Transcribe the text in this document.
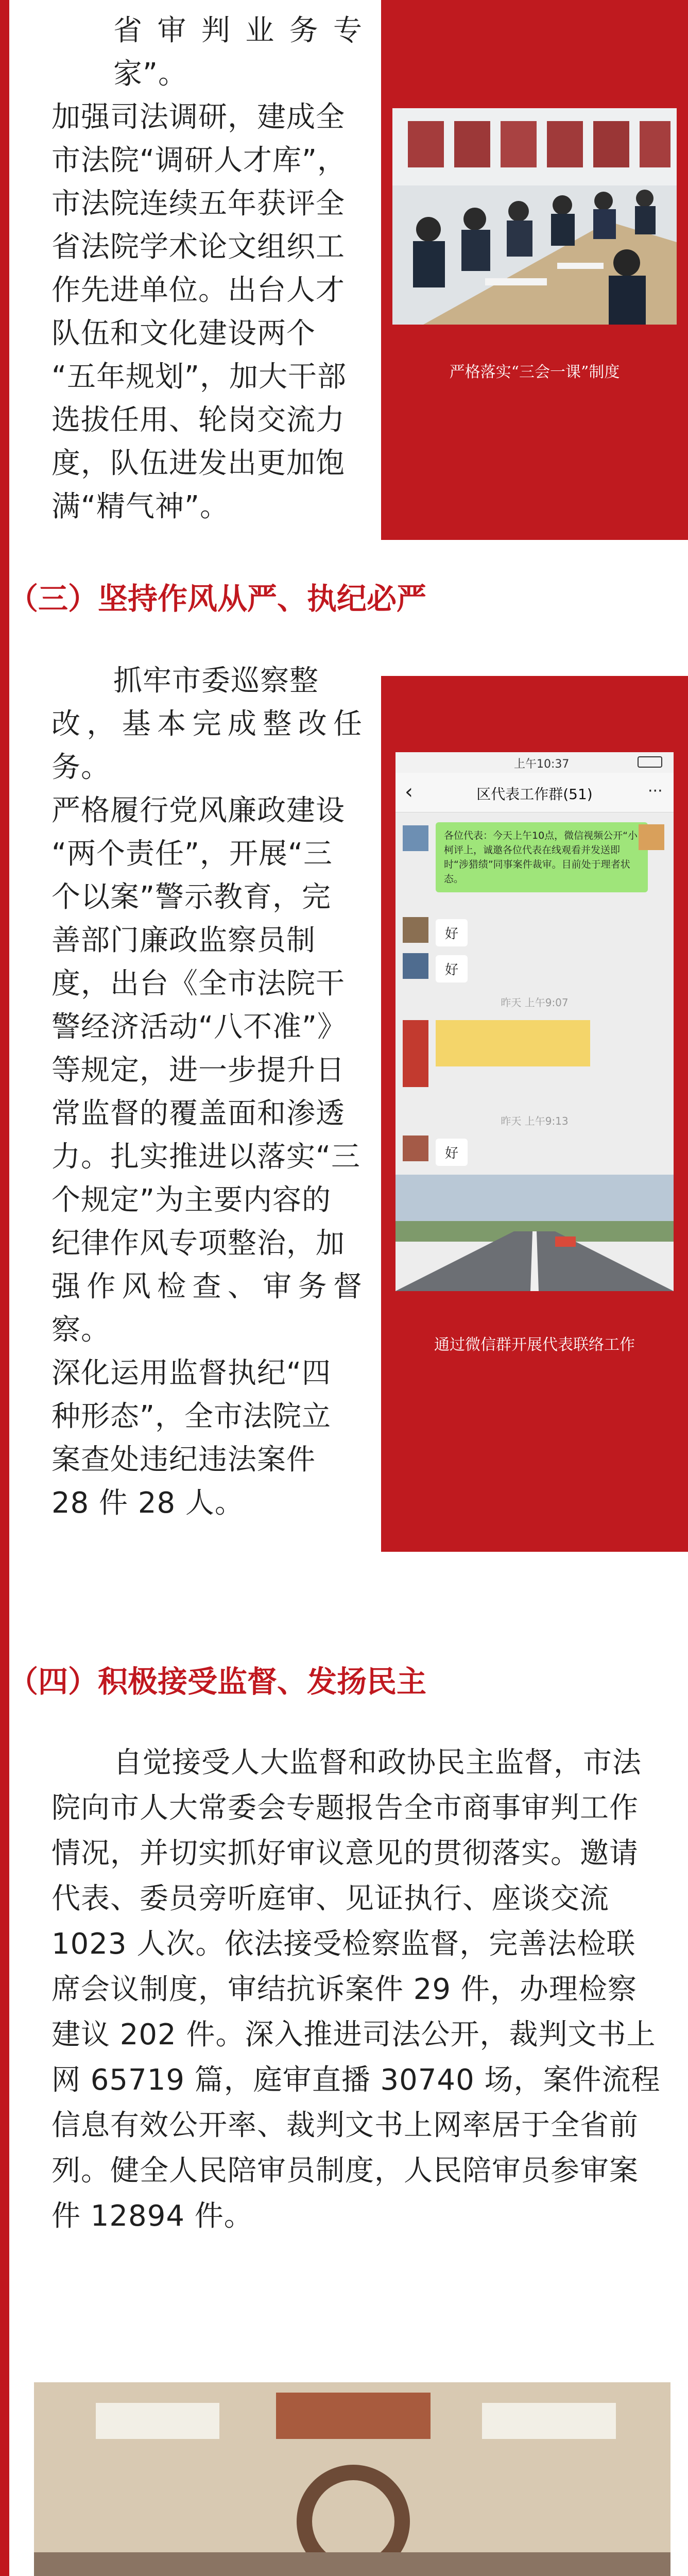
省审判业务专家”。
加强司法调研，建成全
市法院“调研人才库”，
市法院连续五年获评全
省法院学术论文组织工
作先进单位。出台人才
队伍和文化建设两个
“五年规划”，加大干部
选拔任用、轮岗交流力
度，队伍进发出更加饱
满“精气神”。

严格落实“三会一课”制度

（三）坚持作风从严、执纪必严
抓牢市委巡察整
改，基本完成整改任务。
严格履行党风廉政建设
“两个责任”，开展“三
个以案”警示教育，完
善部门廉政监察员制
度，出台《全市法院干
警经济活动“八不准”》
等规定，进一步提升日
常监督的覆盖面和渗透
力。扎实推进以落实“三
个规定”为主要内容的
纪律作风专项整治，加
强作风检查、审务督察。
深化运用监督执纪“四
种形态”，全市法院立
案查处违纪违法案件
28 件 28 人。
上午10:37
‹	区代表工作群(51)	···
各位代表：今天上午10点，微信视频公开“小柯评上，诚邀各位代表在线观看并发送即时“涉猎绩”同事案件裁审。目前处于理者状态。
好
好
昨天 上午9:07
昨天 上午9:13
好

通过微信群开展代表联络工作

（四）积极接受监督、发扬民主
自觉接受人大监督和政协民主监督，市法
院向市人大常委会专题报告全市商事审判工作
情况，并切实抓好审议意见的贯彻落实。邀请
代表、委员旁听庭审、见证执行、座谈交流
1023 人次。依法接受检察监督，完善法检联
席会议制度，审结抗诉案件 29 件，办理检察
建议 202 件。深入推进司法公开，裁判文书上
网 65719 篇，庭审直播 30740 场，案件流程
信息有效公开率、裁判文书上网率居于全省前
列。健全人民陪审员制度，人民陪审员参审案
件 12894 件。
